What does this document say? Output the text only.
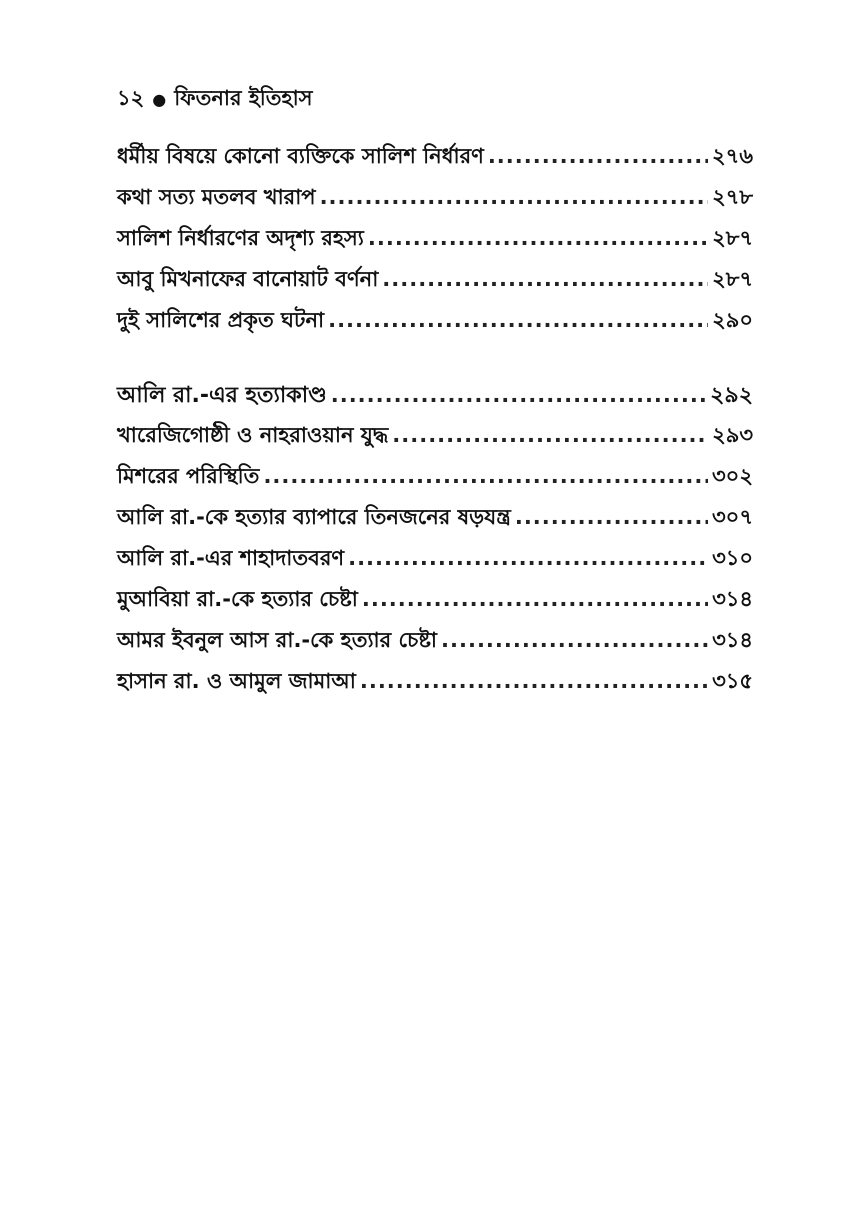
১২ ● ফিতনার ইতিহাস
ধর্মীয় বিষয়ে কোনো ব্যক্তিকে সালিশ নির্ধারণ .....	২৭৬
কথা সত্য মতলব খারাপ .....	২৭৮
সালিশ নির্ধারণের অদৃশ্য রহস্য .....	২৮৭
আবু মিখনাফের বানোয়াট বর্ণনা .....	২৮৭
দুই সালিশের প্রকৃত ঘটনা .....	২৯০
আলি রা.-এর হত্যাকাণ্ড .....	২৯২
খারেজিগোষ্ঠী ও নাহরাওয়ান যুদ্ধ .....	২৯৩
মিশরের পরিস্থিতি .....	৩০২
আলি রা.-কে হত্যার ব্যাপারে তিনজনের ষড়যন্ত্র .....	৩০৭
আলি রা.-এর শাহাদাতবরণ .....	৩১০
মুআবিয়া রা.-কে হত্যার চেষ্টা .....	৩১৪
আমর ইবনুল আস রা.-কে হত্যার চেষ্টা .....	৩১৪
হাসান রা. ও আমুল জামাআ .....	৩১৫
